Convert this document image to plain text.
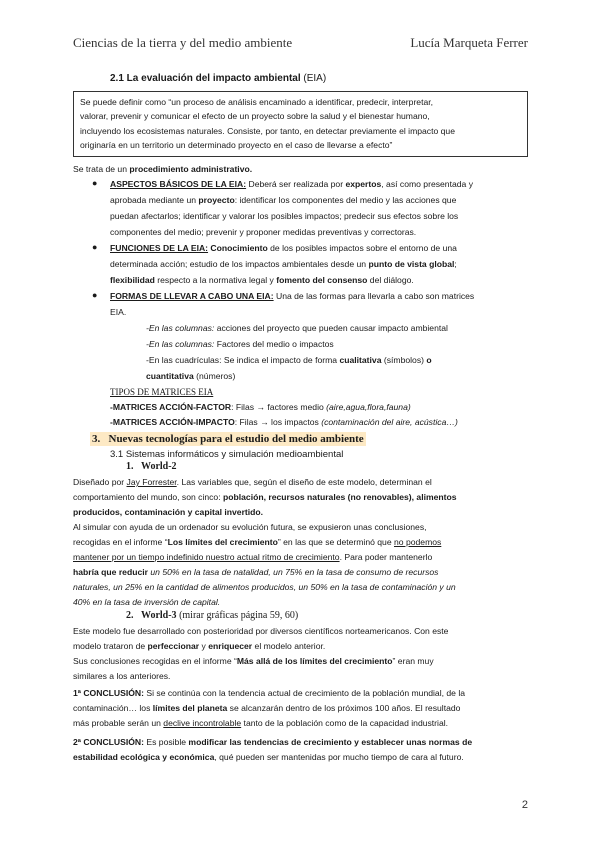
Ciencias de la tierra y del medio ambiente	Lucía Marqueta Ferrer
2.1 La evaluación del impacto ambiental (EIA)
Se puede definir como “un proceso de análisis encaminado a identificar, predecir, interpretar,
valorar, prevenir y comunicar el efecto de un proyecto sobre la salud y el bienestar humano,
incluyendo los ecosistemas naturales. Consiste, por tanto, en detectar previamente el impacto que
originaría en un territorio un determinado proyecto en el caso de llevarse a efecto”
Se trata de un procedimiento administrativo.
● ASPECTOS BÁSICOS DE LA EIA: Deberá ser realizada por expertos, así como presentada y
aprobada mediante un proyecto: identificar los componentes del medio y las acciones que
puedan afectarlos; identificar y valorar los posibles impactos; predecir sus efectos sobre los
componentes del medio; prevenir y proponer medidas preventivas y correctoras.
● FUNCIONES DE LA EIA: Conocimiento de los posibles impactos sobre el entorno de una
determinada acción; estudio de los impactos ambientales desde un punto de vista global;
flexibilidad respecto a la normativa legal y fomento del consenso del diálogo.
● FORMAS DE LLEVAR A CABO UNA EIA: Una de las formas para llevarla a cabo son matrices
EIA.
-En las columnas: acciones del proyecto que pueden causar impacto ambiental
-En las columnas: Factores del medio o impactos
-En las cuadrículas: Se indica el impacto de forma cualitativa (símbolos) o
cuantitativa (números)
TIPOS DE MATRICES EIA
-MATRICES ACCIÓN-FACTOR: Filas → factores medio (aire,agua,flora,fauna)
-MATRICES ACCIÓN-IMPACTO: Filas → los impactos (contaminación del aire, acústica…)
3. Nuevas tecnologías para el estudio del medio ambiente
3.1 Sistemas informáticos y simulación medioambiental
1. World-2
Diseñado por Jay Forrester. Las variables que, según el diseño de este modelo, determinan el
comportamiento del mundo, son cinco: población, recursos naturales (no renovables), alimentos
producidos, contaminación y capital invertido.
Al simular con ayuda de un ordenador su evolución futura, se expusieron unas conclusiones,
recogidas en el informe “Los límites del crecimiento” en las que se determinó que no podemos
mantener por un tiempo indefinido nuestro actual ritmo de crecimiento. Para poder mantenerlo
habría que reducir un 50% en la tasa de natalidad, un 75% en la tasa de consumo de recursos
naturales, un 25% en la cantidad de alimentos producidos, un 50% en la tasa de contaminación y un
40% en la tasa de inversión de capital.
2. World-3 (mirar gráficas página 59, 60)
Este modelo fue desarrollado con posterioridad por diversos científicos norteamericanos. Con este
modelo trataron de perfeccionar y enriquecer el modelo anterior.
Sus conclusiones recogidas en el informe “Más allá de los límites del crecimiento” eran muy
similares a los anteriores.
1ª CONCLUSIÓN: Si se continúa con la tendencia actual de crecimiento de la población mundial, de la
contaminación… los límites del planeta se alcanzarán dentro de los próximos 100 años. El resultado
más probable serán un declive incontrolable tanto de la población como de la capacidad industrial.
2ª CONCLUSIÓN: Es posible modificar las tendencias de crecimiento y establecer unas normas de
estabilidad ecológica y económica, qué pueden ser mantenidas por mucho tiempo de cara al futuro.
2
